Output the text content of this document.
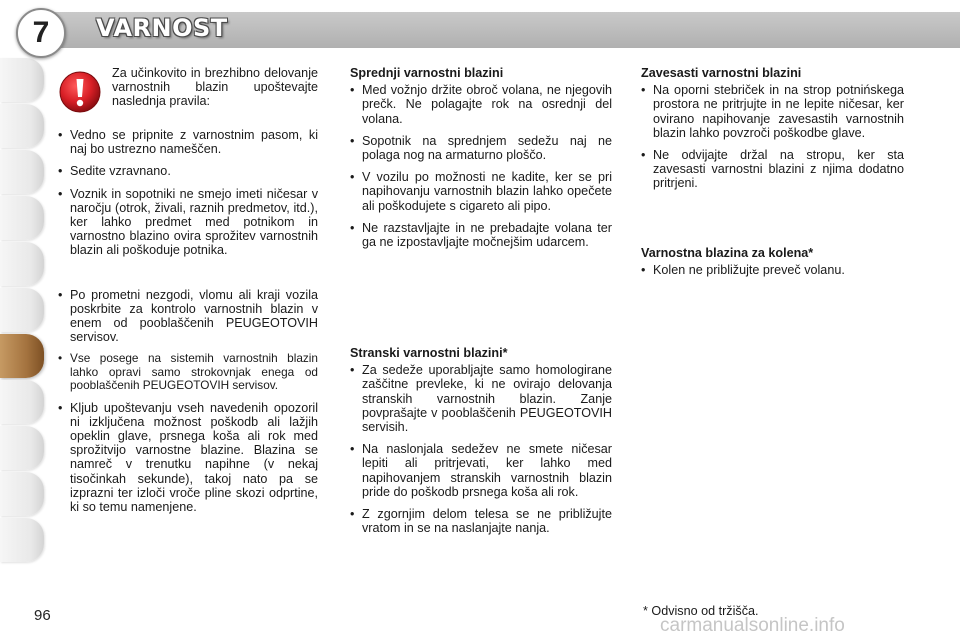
7	VARNOST

Za učinkovito in brezhibno delovanje varnostnih blazin upoštevajte naslednja pravila:

• Vedno se pripnite z varnostnim pasom, ki naj bo ustrezno nameščen.
• Sedite vzravnano.
• Voznik in sopotniki ne smejo imeti ničesar v naročju (otrok, živali, raznih predmetov, itd.), ker lahko predmet med potnikom in varnostno blazino ovira sprožitev varnostnih blazin ali poškoduje potnika.
• Po prometni nezgodi, vlomu ali kraji vozila poskrbite za kontrolo varnostnih blazin v enem od pooblaščenih PEUGEOTOVIH servisov.
• Vse posege na sistemih varnostnih blazin lahko opravi samo strokovnjak enega od pooblaščenih PEUGEOTOVIH servisov.
• Kljub upoštevanju vseh navedenih opozoril ni izključena možnost poškodb ali lažjih opeklin glave, prsnega koša ali rok med sprožitvijo varnostne blazine. Blazina se namreč v trenutku napihne (v nekaj tisočinkah sekunde), takoj nato pa se izprazni ter izloči vroče pline skozi odprtine, ki so temu namenjene.
Sprednji varnostni blazini
• Med vožnjo držite obroč volana, ne njegovih prečk. Ne polagajte rok na osrednji del volana.
• Sopotnik na sprednjem sedežu naj ne polaga nog na armaturno ploščo.
• V vozilu po možnosti ne kadite, ker se pri napihovanju varnostnih blazin lahko opečete ali poškodujete s cigareto ali pipo.
• Ne razstavljajte in ne prebadajte volana ter ga ne izpostavljajte močnejšim udarcem.
Stranski varnostni blazini*
• Za sedeže uporabljajte samo homologirane zaščitne prevleke, ki ne ovirajo delovanja stranskih varnostnih blazin. Zanje povprašajte v pooblaščenih PEUGEOTOVIH servisih.
• Na naslonjala sedežev ne smete ničesar lepiti ali pritrjevati, ker lahko med napihovanjem stranskih varnostnih blazin pride do poškodb prsnega koša ali rok.
• Z zgornjim delom telesa se ne približujte vratom in se na naslanjajte nanja.
Zavesasti varnostni blazini
• Na oporni stebriček in na strop potnińskega prostora ne pritrjujte in ne lepite ničesar, ker ovirano napihovanje zavesastih varnostnih blazin lahko povzroči poškodbe glave.
• Ne odvijajte držal na stropu, ker sta zavesasti varnostni blazini z njima dodatno pritrjeni.
Varnostna blazina za kolena*
• Kolen ne približujte preveč volanu.
96	* Odvisno od tržišča.
carmanualsonline.info
